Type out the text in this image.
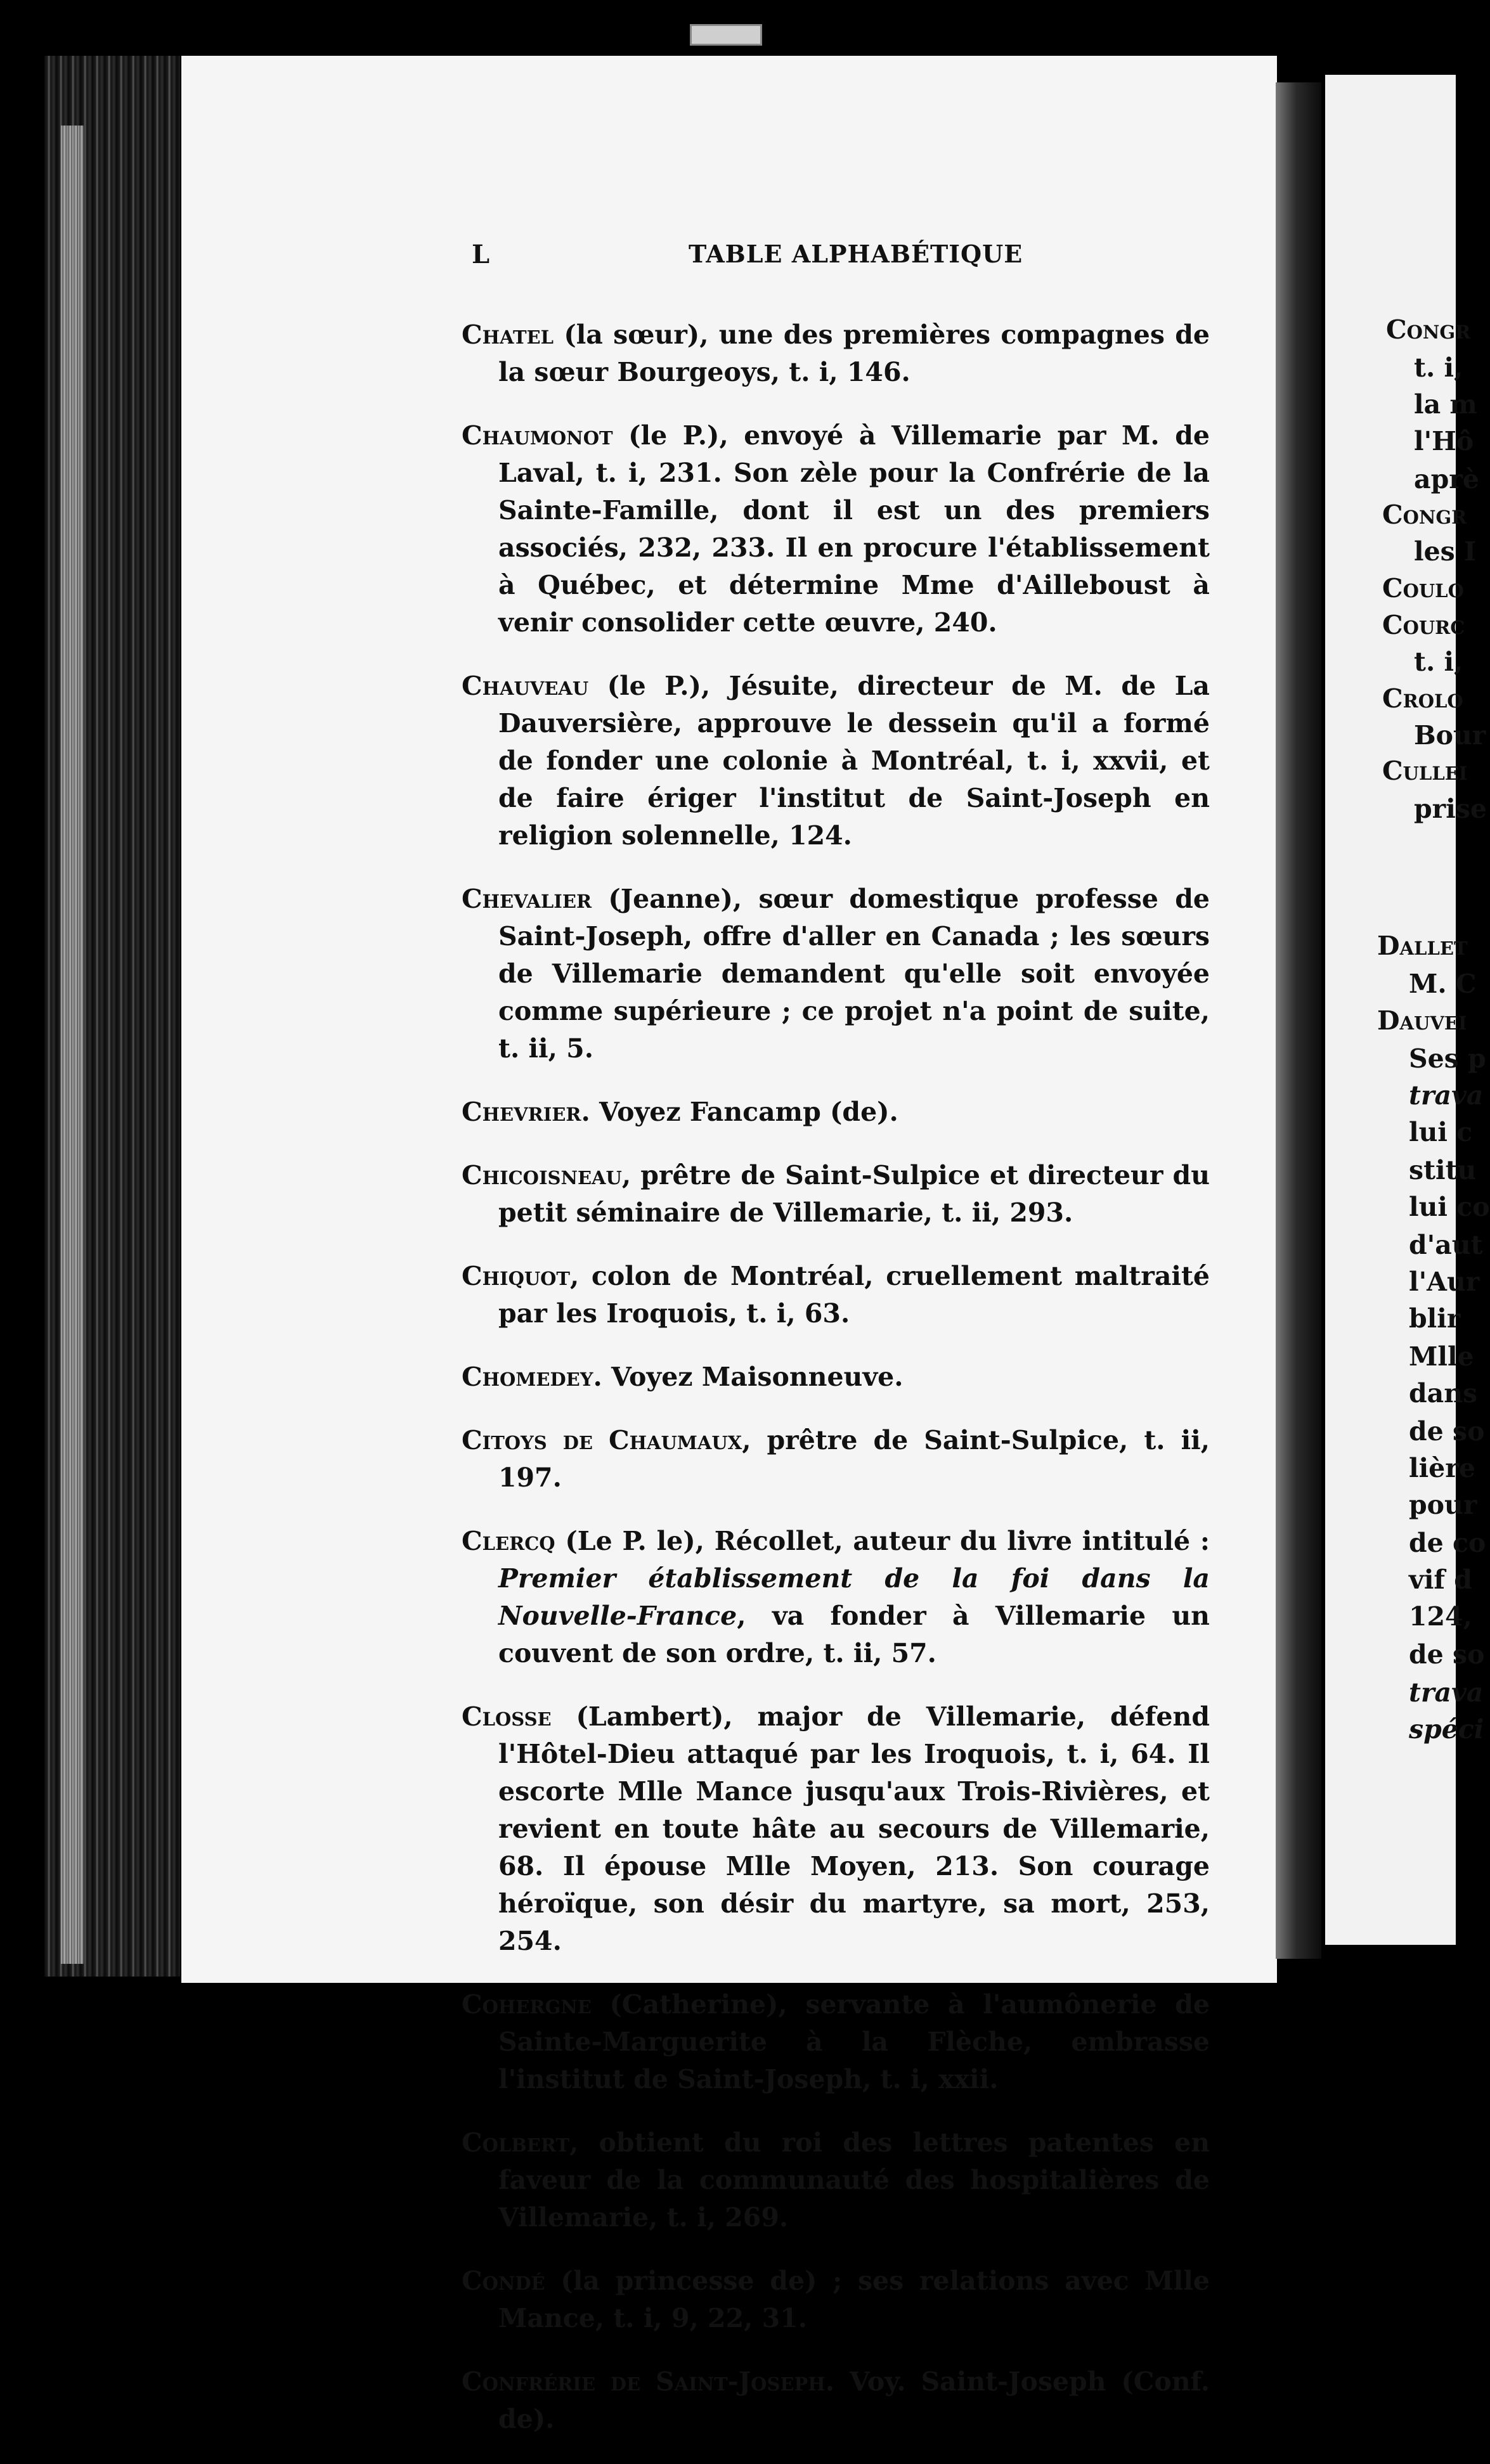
Congr
t. i,
la m
l'Hô
aprè
Congr
les I
Coulo
Courc
t. i,
Crolo
Bour
Cullei
prise
Dallet
M. C
Dauvei
Ses p
trava
lui c
stitu
lui co
d'aut
l'Aur
blir
Mlle
dans
de so
lière
pour
de co
vif d
124,
de so
trava
spéci
L	TABLE ALPHABÉTIQUE

Chatel (la sœur), une des premières compagnes de la sœur Bourgeoys, t. i, 146.

Chaumonot (le P.), envoyé à Villemarie par M. de Laval, t. i, 231. Son zèle pour la Confrérie de la Sainte-Famille, dont il est un des premiers associés, 232, 233. Il en procure l'établissement à Québec, et détermine Mme d'Ailleboust à venir consolider cette œuvre, 240.

Chauveau (le P.), Jésuite, directeur de M. de La Dauversière, approuve le dessein qu'il a formé de fonder une colonie à Montréal, t. i, xxvii, et de faire ériger l'institut de Saint-Joseph en religion solennelle, 124.

Chevalier (Jeanne), sœur domestique professe de Saint-Joseph, offre d'aller en Canada ; les sœurs de Villemarie demandent qu'elle soit envoyée comme supérieure ; ce projet n'a point de suite, t. ii, 5.

Chevrier. Voyez Fancamp (de).

Chicoisneau, prêtre de Saint-Sulpice et directeur du petit séminaire de Villemarie, t. ii, 293.

Chiquot, colon de Montréal, cruellement maltraité par les Iroquois, t. i, 63.

Chomedey. Voyez Maisonneuve.

Citoys de Chaumaux, prêtre de Saint-Sulpice, t. ii, 197.

Clercq (Le P. le), Récollet, auteur du livre intitulé : Premier établissement de la foi dans la Nouvelle-France, va fonder à Villemarie un couvent de son ordre, t. ii, 57.

Closse (Lambert), major de Villemarie, défend l'Hôtel-Dieu attaqué par les Iroquois, t. i, 64. Il escorte Mlle Mance jusqu'aux Trois-Rivières, et revient en toute hâte au secours de Villemarie, 68. Il épouse Mlle Moyen, 213. Son courage héroïque, son désir du martyre, sa mort, 253, 254.

Cohergne (Catherine), servante à l'aumônerie de Sainte-Marguerite à la Flèche, embrasse l'institut de Saint-Joseph, t. i, xxii.

Colbert, obtient du roi des lettres patentes en faveur de la communauté des hospitalières de Villemarie, t. i, 269.

Condé (la princesse de) ; ses relations avec Mlle Mance, t. i, 9, 22, 31.

Confrérie de Saint-Joseph. Voy. Saint-Joseph (Conf. de).
